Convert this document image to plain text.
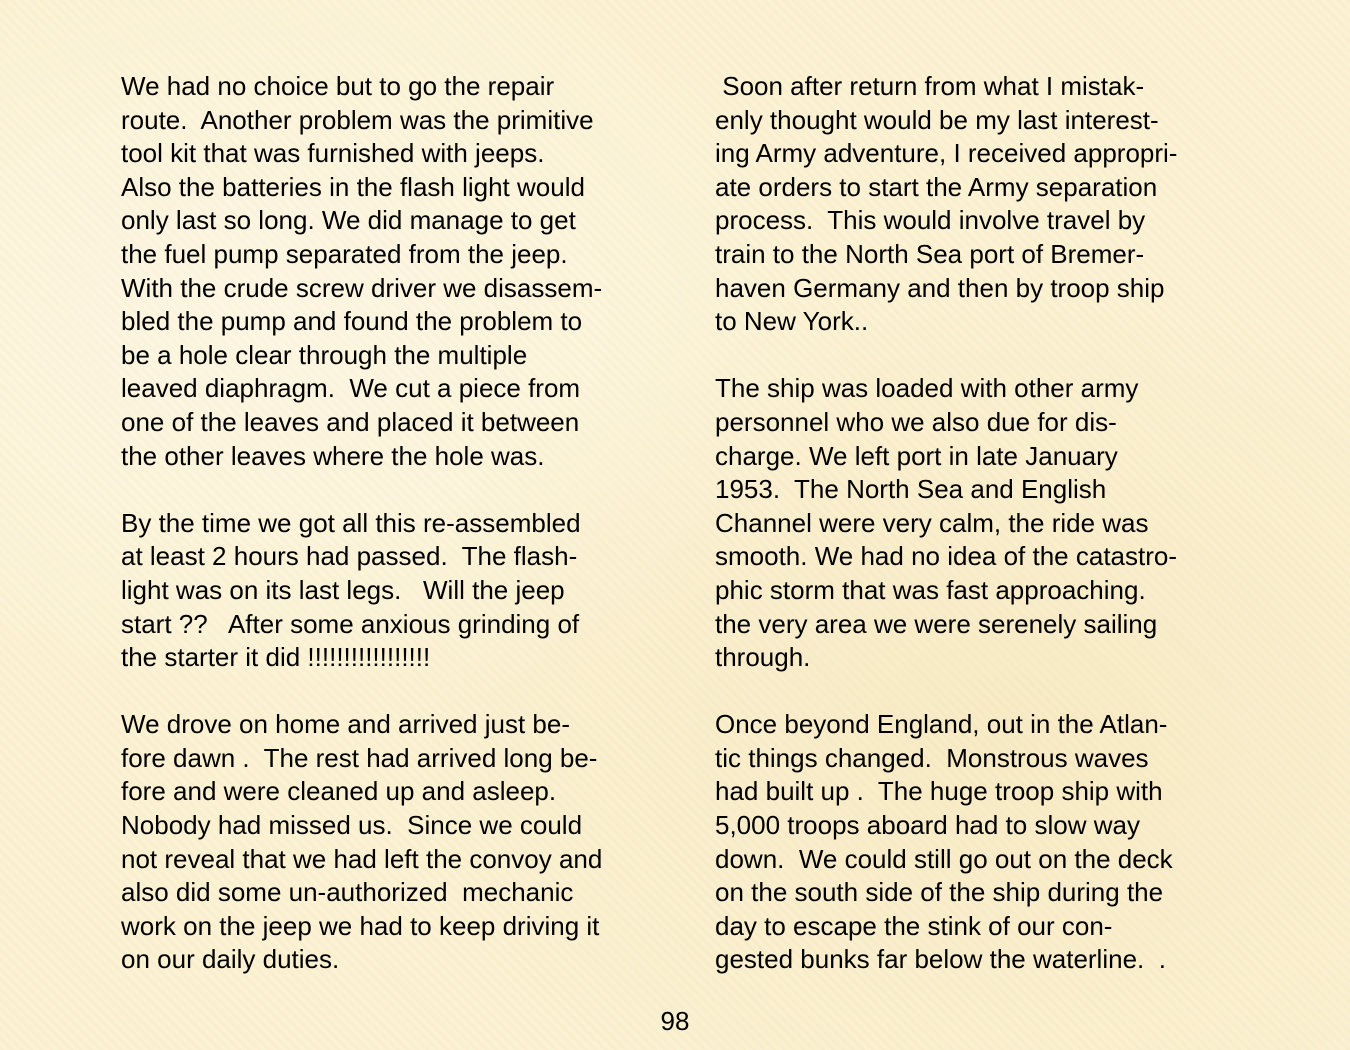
We had no choice but to go the repair
route.  Another problem was the primitive
tool kit that was furnished with jeeps.
Also the batteries in the flash light would
only last so long. We did manage to get
the fuel pump separated from the jeep.
With the crude screw driver we disassem-
bled the pump and found the problem to
be a hole clear through the multiple
leaved diaphragm.  We cut a piece from
one of the leaves and placed it between
the other leaves where the hole was.

By the time we got all this re-assembled
at least 2 hours had passed.  The flash-
light was on its last legs.   Will the jeep
start ??   After some anxious grinding of
the starter it did !!!!!!!!!!!!!!!!!

We drove on home and arrived just be-
fore dawn .  The rest had arrived long be-
fore and were cleaned up and asleep.
Nobody had missed us.  Since we could
not reveal that we had left the convoy and
also did some un-authorized  mechanic
work on the jeep we had to keep driving it
on our daily duties.

Soon after return from what I mistak-
enly thought would be my last interest-
ing Army adventure, I received appropri-
ate orders to start the Army separation
process.  This would involve travel by
train to the North Sea port of Bremer-
haven Germany and then by troop ship
to New York..

The ship was loaded with other army
personnel who we also due for dis-
charge. We left port in late January
1953.  The North Sea and English
Channel were very calm, the ride was
smooth. We had no idea of the catastro-
phic storm that was fast approaching.
the very area we were serenely sailing
through.

Once beyond England, out in the Atlan-
tic things changed.  Monstrous waves
had built up .  The huge troop ship with
5,000 troops aboard had to slow way
down.  We could still go out on the deck
on the south side of the ship during the
day to escape the stink of our con-
gested bunks far below the waterline.  .

98
